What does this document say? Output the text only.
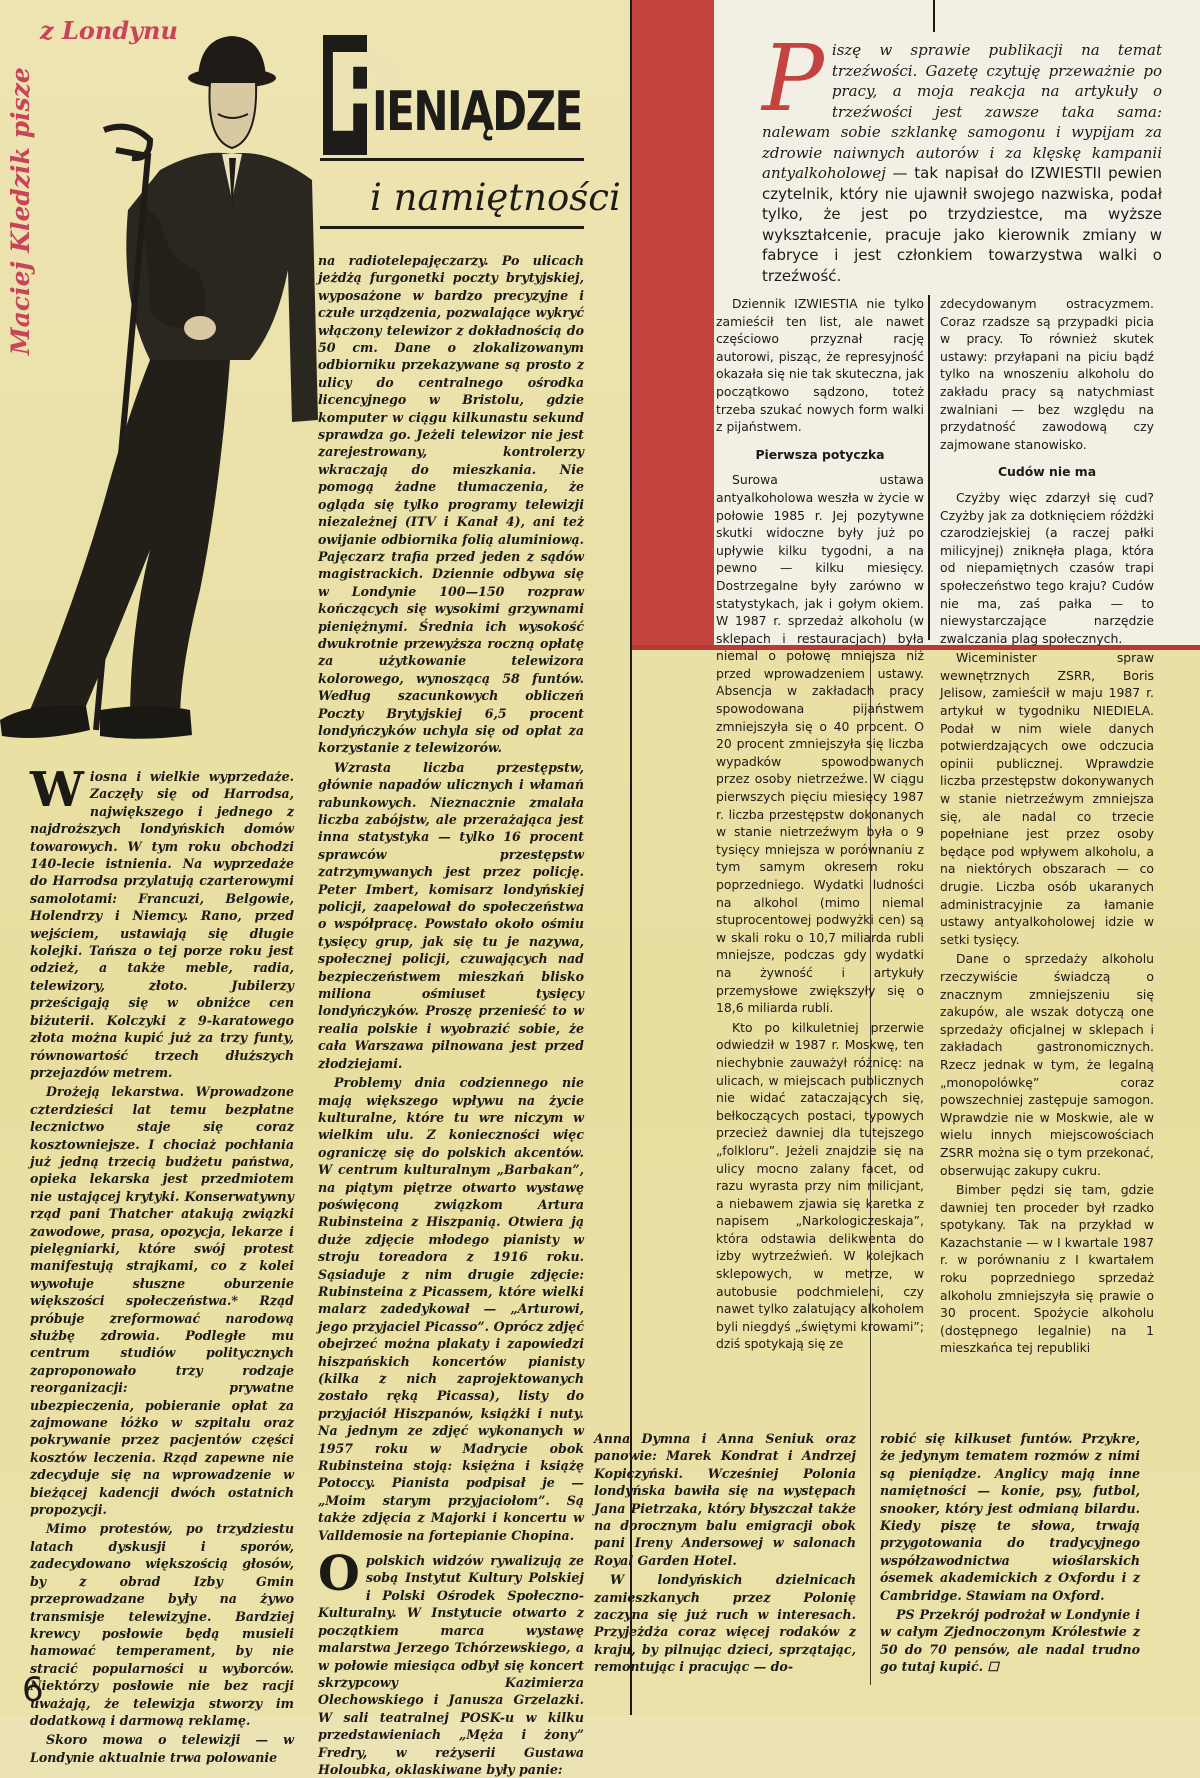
z Londynu
Maciej Kledzik pisze	P
IENIĄDZE
i namiętności

Wiosna i wielkie wyprzedaże. Zaczęły się od Harrodsa, największego i jednego z najdroższych londyńskich domów towarowych. W tym roku obchodzi 140-lecie istnienia. Na wyprzedaże do Harrodsa przylatują czarterowymi samolotami: Francuzi, Belgowie, Holendrzy i Niemcy. Rano, przed wejściem, ustawiają się długie kolejki. Tańsza o tej porze roku jest odzież, a także meble, radia, telewizory, złoto. Jubilerzy prześcigają się w obniżce cen biżuterii. Kolczyki z 9-karatowego złota można kupić już za trzy funty, równowartość trzech dłuższych przejazdów metrem.

Drożeją lekarstwa. Wprowadzone czterdzieści lat temu bezpłatne lecznictwo staje się coraz kosztowniejsze. I chociaż pochłania już jedną trzecią budżetu państwa, opieka lekarska jest przedmiotem nie ustającej krytyki. Konserwatywny rząd pani Thatcher atakują związki zawodowe, prasa, opozycja, lekarze i pielęgniarki, które swój protest manifestują strajkami, co z kolei wywołuje słuszne oburzenie większości społeczeństwa.* Rząd próbuje zreformować narodową służbę zdrowia. Podległe mu centrum studiów politycznych zaproponowało trzy rodzaje reorganizacji: prywatne ubezpieczenia, pobieranie opłat za zajmowane łóżko w szpitalu oraz pokrywanie przez pacjentów części kosztów leczenia. Rząd zapewne nie zdecyduje się na wprowadzenie w bieżącej kadencji dwóch ostatnich propozycji.

Mimo protestów, po trzydziestu latach dyskusji i sporów, zadecydowano większością głosów, by z obrad Izby Gmin przeprowadzane były na żywo transmisje telewizyjne. Bardziej krewcy posłowie będą musieli hamować temperament, by nie stracić popularności u wyborców. Niektórzy posłowie nie bez racji uważają, że telewizja stworzy im dodatkową i darmową reklamę.

Skoro mowa o telewizji — w Londynie aktualnie trwa polowanie

na radiotelepajęczarzy. Po ulicach jeżdżą furgonetki poczty brytyjskiej, wyposażone w bardzo precyzyjne i czułe urządzenia, pozwalające wykryć włączony telewizor z dokładnością do 50 cm. Dane o zlokalizowanym odbiorniku przekazywane są prosto z ulicy do centralnego ośrodka licencyjnego w Bristolu, gdzie komputer w ciągu kilkunastu sekund sprawdza go. Jeżeli telewizor nie jest zarejestrowany, kontrolerzy wkraczają do mieszkania. Nie pomogą żadne tłumaczenia, że ogląda się tylko programy telewizji niezależnej (ITV i Kanał 4), ani też owijanie odbiornika folią aluminiową. Pajęczarz trafia przed jeden z sądów magistrackich. Dziennie odbywa się w Londynie 100—150 rozpraw kończących się wysokimi grzywnami pieniężnymi. Średnia ich wysokość dwukrotnie przewyższa roczną opłatę za użytkowanie telewizora kolorowego, wynoszącą 58 funtów. Według szacunkowych obliczeń Poczty Brytyjskiej 6,5 procent londyńczyków uchyla się od opłat za korzystanie z telewizorów.

Wzrasta liczba przestępstw, głównie napadów ulicznych i włamań rabunkowych. Nieznacznie zmalała liczba zabójstw, ale przerażająca jest inna statystyka — tylko 16 procent sprawców przestępstw zatrzymywanych jest przez policję. Peter Imbert, komisarz londyńskiej policji, zaapelował do społeczeństwa o współpracę. Powstało około ośmiu tysięcy grup, jak się tu je nazywa, społecznej policji, czuwających nad bezpieczeństwem mieszkań blisko miliona ośmiuset tysięcy londyńczyków. Proszę przenieść to w realia polskie i wyobrazić sobie, że cała Warszawa pilnowana jest przed złodziejami.

Problemy dnia codziennego nie mają większego wpływu na życie kulturalne, które tu wre niczym w wielkim ulu. Z konieczności więc ograniczę się do polskich akcentów. W centrum kulturalnym „Barbakan”, na piątym piętrze otwarto wystawę poświęconą związkom Artura Rubinsteina z Hiszpanią. Otwiera ją duże zdjęcie młodego pianisty w stroju toreadora z 1916 roku. Sąsiaduje z nim drugie zdjęcie: Rubinsteina z Picassem, które wielki malarz zadedykował — „Arturowi, jego przyjaciel Picasso”. Oprócz zdjęć obejrzeć można plakaty i zapowiedzi hiszpańskich koncertów pianisty (kilka z nich zaprojektowanych zostało ręką Picassa), listy do przyjaciół Hiszpanów, książki i nuty. Na jednym ze zdjęć wykonanych w 1957 roku w Madrycie obok Rubinsteina stoją: księżna i książę Potoccy. Pianista podpisał je — „Moim starym przyjaciołom”. Są także zdjęcia z Majorki i koncertu w Valldemosie na fortepianie Chopina.

Opolskich widzów rywalizują ze sobą Instytut Kultury Polskiej i Polski Ośrodek Społeczno-Kulturalny. W Instytucie otwarto z początkiem marca wystawę malarstwa Jerzego Tchórzewskiego, a w połowie miesiąca odbył się koncert skrzypcowy Kazimierza Olechowskiego i Janusza Grzelazki. W sali teatralnej POSK-u w kilku przedstawieniach „Męża i żony” Fredry, w reżyserii Gustawa Holoubka, oklaskiwane były panie:

Piszę w sprawie publikacji na temat trzeźwości. Gazetę czytuję przeważnie po pracy, a moja reakcja na artykuły o trzeźwości jest zawsze taka sama: nalewam sobie szklankę samogonu i wypijam za zdrowie naiwnych autorów i za klęskę kampanii antyalkoholowej — tak napisał do IZWIESTII pewien czytelnik, który nie ujawnił swojego nazwiska, podał tylko, że jest po trzydziestce, ma wyższe wykształcenie, pracuje jako kierownik zmiany w fabryce i jest członkiem towarzystwa walki o trzeźwość.

Dziennik IZWIESTIA nie tylko zamieścił ten list, ale nawet częściowo przyznał rację autorowi, pisząc, że represyjność okazała się nie tak skuteczna, jak początkowo sądzono, toteż trzeba szukać nowych form walki z pijaństwem.

Pierwsza potyczka

Surowa ustawa antyalkoholowa weszła w życie w połowie 1985 r. Jej pozytywne skutki widoczne były już po upływie kilku tygodni, a na pewno — kilku miesięcy. Dostrzegalne były zarówno w statystykach, jak i gołym okiem. W 1987 r. sprzedaż alkoholu (w sklepach i restauracjach) była niemal o połowę mniejsza niż przed wprowadzeniem ustawy. Absencja w zakładach pracy spowodowana pijaństwem zmniejszyła się o 40 procent. O 20 procent zmniejszyła się liczba wypadków spowodowanych przez osoby nietrzeźwe. W ciągu pierwszych pięciu miesięcy 1987 r. liczba przestępstw dokonanych w stanie nietrzeźwym była o 9 tysięcy mniejsza w porównaniu z tym samym okresem roku poprzedniego. Wydatki ludności na alkohol (mimo niemal stuprocentowej podwyżki cen) są w skali roku o 10,7 miliarda rubli mniejsze, podczas gdy wydatki na żywność i artykuły przemysłowe zwiększyły się o 18,6 miliarda rubli.

Kto po kilkuletniej przerwie odwiedził w 1987 r. Moskwę, ten niechybnie zauważył różnicę: na ulicach, w miejscach publicznych nie widać zataczających się, bełkoczących postaci, typowych przecież dawniej dla tutejszego „folkloru”. Jeżeli znajdzie się na ulicy mocno zalany facet, od razu wyrasta przy nim milicjant, a niebawem zjawia się karetka z napisem „Narkologiczeskaja”, która odstawia delikwenta do izby wytrzeźwień. W kolejkach sklepowych, w metrze, w autobusie podchmieleni, czy nawet tylko zalatujący alkoholem byli niegdyś „świętymi krowami”; dziś spotykają się ze

zdecydowanym ostracyzmem. Coraz rzadsze są przypadki picia w pracy. To również skutek ustawy: przyłapani na piciu bądź tylko na wnoszeniu alkoholu do zakładu pracy są natychmiast zwalniani — bez względu na przydatność zawodową czy zajmowane stanowisko.

Cudów nie ma

Czyżby więc zdarzył się cud? Czyżby jak za dotknięciem różdżki czarodziejskiej (a raczej pałki milicyjnej) zniknęła plaga, która od niepamiętnych czasów trapi społeczeństwo tego kraju? Cudów nie ma, zaś pałka — to niewystarczające narzędzie zwalczania plag społecznych.

Wiceminister spraw wewnętrznych ZSRR, Boris Jelisow, zamieścił w maju 1987 r. artykuł w tygodniku NIEDIELA. Podał w nim wiele danych potwierdzających owe odczucia opinii publicznej. Wprawdzie liczba przestępstw dokonywanych w stanie nietrzeźwym zmniejsza się, ale nadal co trzecie popełniane jest przez osoby będące pod wpływem alkoholu, a na niektórych obszarach — co drugie. Liczba osób ukaranych administracyjnie za łamanie ustawy antyalkoholowej idzie w setki tysięcy.

Dane o sprzedaży alkoholu rzeczywiście świadczą o znacznym zmniejszeniu się zakupów, ale wszak dotyczą one sprzedaży oficjalnej w sklepach i zakładach gastronomicznych. Rzecz jednak w tym, że legalną „monopolówkę” coraz powszechniej zastępuje samogon. Wprawdzie nie w Moskwie, ale w wielu innych miejscowościach ZSRR można się o tym przekonać, obserwując zakupy cukru.

Bimber pędzi się tam, gdzie dawniej ten proceder był rzadko spotykany. Tak na przykład w Kazachstanie — w I kwartale 1987 r. w porównaniu z I kwartałem roku poprzedniego sprzedaż alkoholu zmniejszyła się prawie o 30 procent. Spożycie alkoholu (dostępnego legalnie) na 1 mieszkańca tej republiki

Anna Dymna i Anna Seniuk oraz panowie: Marek Kondrat i Andrzej Kopiczyński. Wcześniej Polonia londyńska bawiła się na występach Jana Pietrzaka, który błyszczał także na dorocznym balu emigracji obok pani Ireny Andersowej w salonach Royal Garden Hotel.

W londyńskich dzielnicach zamieszkanych przez Polonię zaczyna się już ruch w interesach. Przyjeżdża coraz więcej rodaków z kraju, by pilnując dzieci, sprzątając, remontując i pracując — do-

robić się kilkuset funtów. Przykre, że jedynym tematem rozmów z nimi są pieniądze. Anglicy mają inne namiętności — konie, psy, futbol, snooker, który jest odmianą bilardu. Kiedy piszę te słowa, trwają przygotowania do tradycyjnego współzawodnictwa wioślarskich ósemek akademickich z Oxfordu i z Cambridge. Stawiam na Oxford.

PS Przekrój podrożał w Londynie i w całym Zjednoczonym Królestwie z 50 do 70 pensów, ale nadal trudno go tutaj kupić. ☐

6
